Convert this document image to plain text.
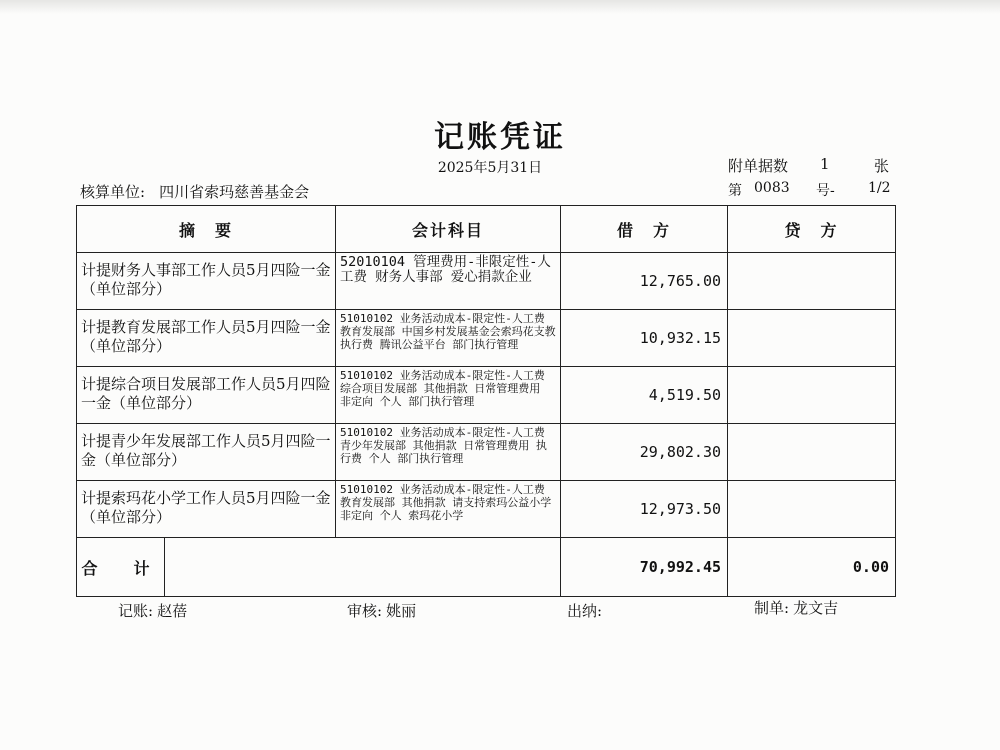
记账凭证
2025年5月31日	附单据数 1	张
核算单位: 四川省索玛慈善基金会	第 0083 号- 1/2
摘　要		会计科目	借　方	贷　方
计提财务人事部工作人员5月四险一金（单位部分）		52010104 管理费用-非限定性-人工费 财务人事部 爱心捐款企业	12,765.00	
计提教育发展部工作人员5月四险一金（单位部分）		51010102 业务活动成本-限定性-人工费 教育发展部 中国乡村发展基金会索玛花支教 执行费 腾讯公益平台 部门执行管理	10,932.15	
计提综合项目发展部工作人员5月四险一金（单位部分）		51010102 业务活动成本-限定性-人工费 综合项目发展部 其他捐款 日常管理费用 非定向 个人 部门执行管理	4,519.50	
计提青少年发展部工作人员5月四险一金（单位部分）		51010102 业务活动成本-限定性-人工费 青少年发展部 其他捐款 日常管理费用 执行费 个人 部门执行管理	29,802.30	
计提索玛花小学工作人员5月四险一金（单位部分）		51010102 业务活动成本-限定性-人工费 教育发展部 其他捐款 请支持索玛公益小学 非定向 个人 索玛花小学	12,973.50	
合　计			70,992.45	0.00
记账: 赵蓓	审核: 姚丽	出纳:	制单: 龙文吉
